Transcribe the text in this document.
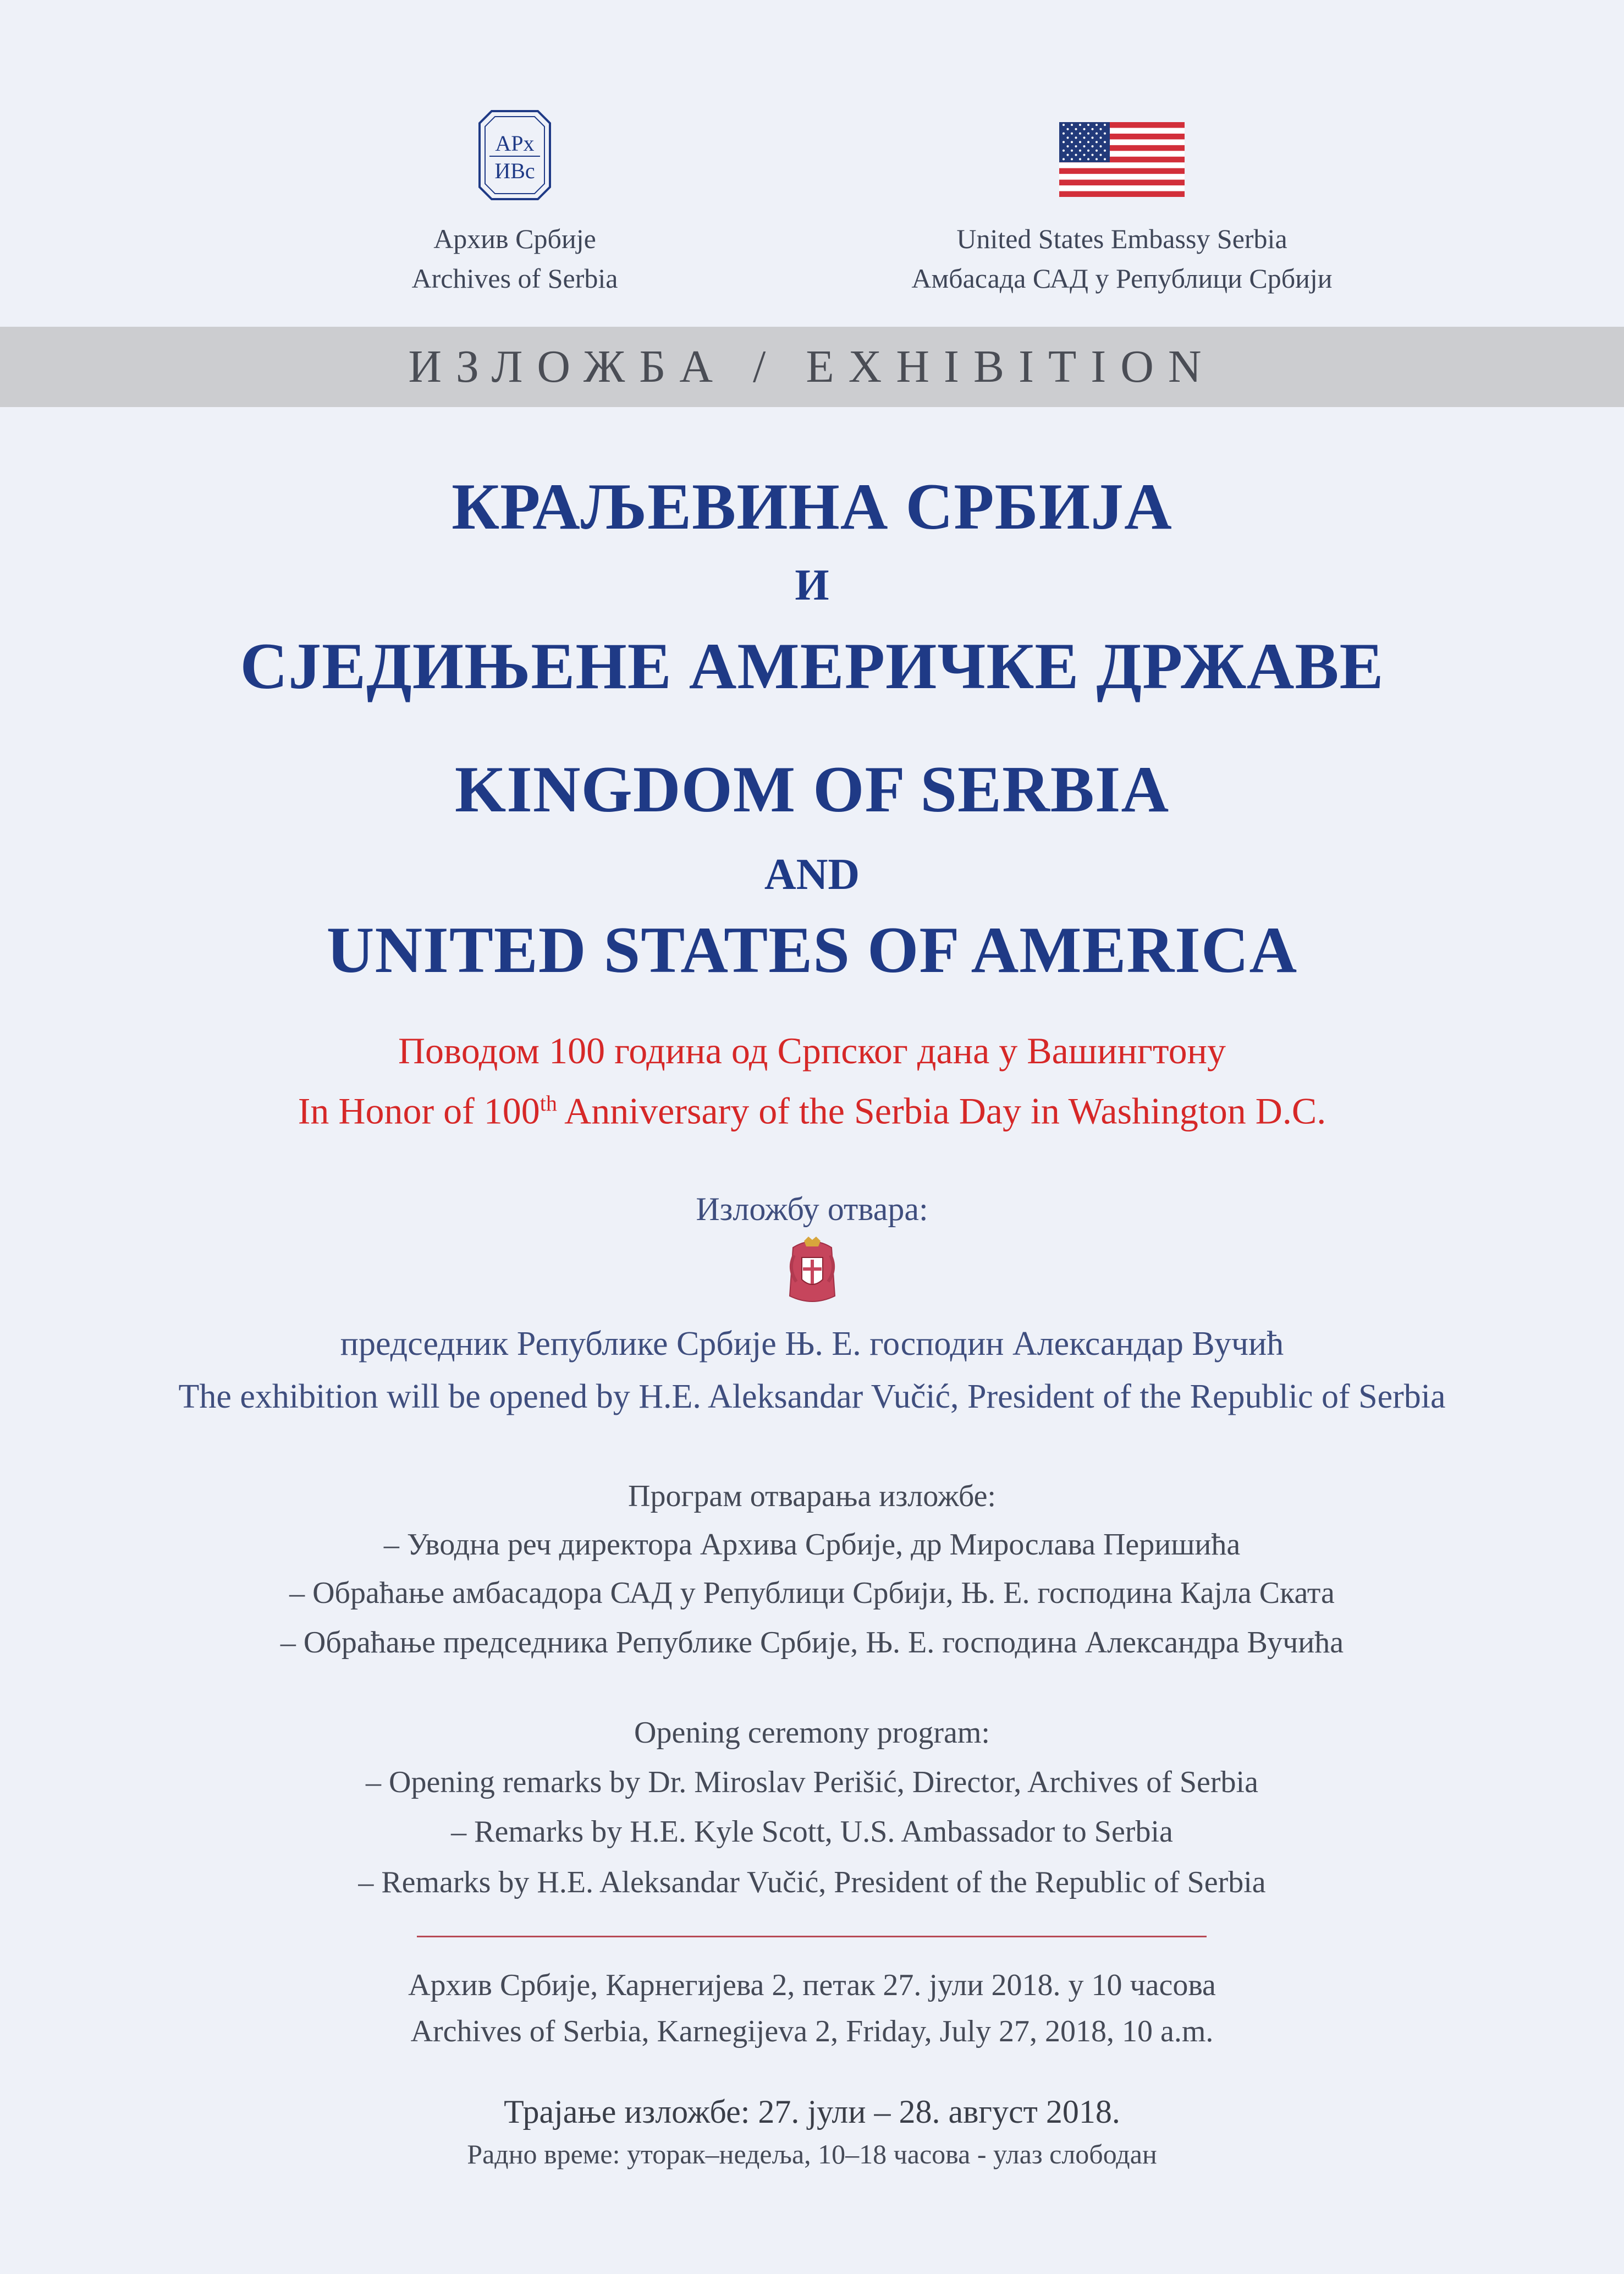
АРх
ИВс
Архив Србије
Archives of Serbia
United States Embassy Serbia
Амбасада САД у Републици Србији
ИЗЛОЖБА / EXHIBITION
КРАЉЕВИНА СРБИЈА
И
СЈЕДИЊЕНЕ АМЕРИЧКЕ ДРЖАВЕ
KINGDOM OF SERBIA
AND
UNITED STATES OF AMERICA
Поводом 100 година од Српског дана у Вашингтону
In Honor of 100th Anniversary of the Serbia Day in Washington D.C.
Изложбу отвара:
председник Републике Србије Њ. Е. господин Александар Вучић
The exhibition will be opened by H.E. Aleksandar Vučić, President of the Republic of Serbia
Програм отварања изложбе:
– Уводна реч директора Архива Србије, др Мирослава Перишића
– Обраћање амбасадора САД у Републици Србији, Њ. Е. господина Кајла Ската
– Обраћање председника Републике Србије, Њ. Е. господина Александра Вучића
Opening ceremony program:
– Opening remarks by Dr. Miroslav Perišić, Director, Archives of Serbia
– Remarks by H.E. Kyle Scott, U.S. Ambassador to Serbia
– Remarks by H.E. Aleksandar Vučić, President of the Republic of Serbia
Архив Србије, Карнегијева 2, петак 27. јули 2018. у 10 часова
Archives of Serbia, Karnegijeva 2, Friday, July 27, 2018, 10 a.m.
Трајање изложбе: 27. јули – 28. август 2018.
Радно време: уторак–недеља, 10–18 часова - улаз слободан
